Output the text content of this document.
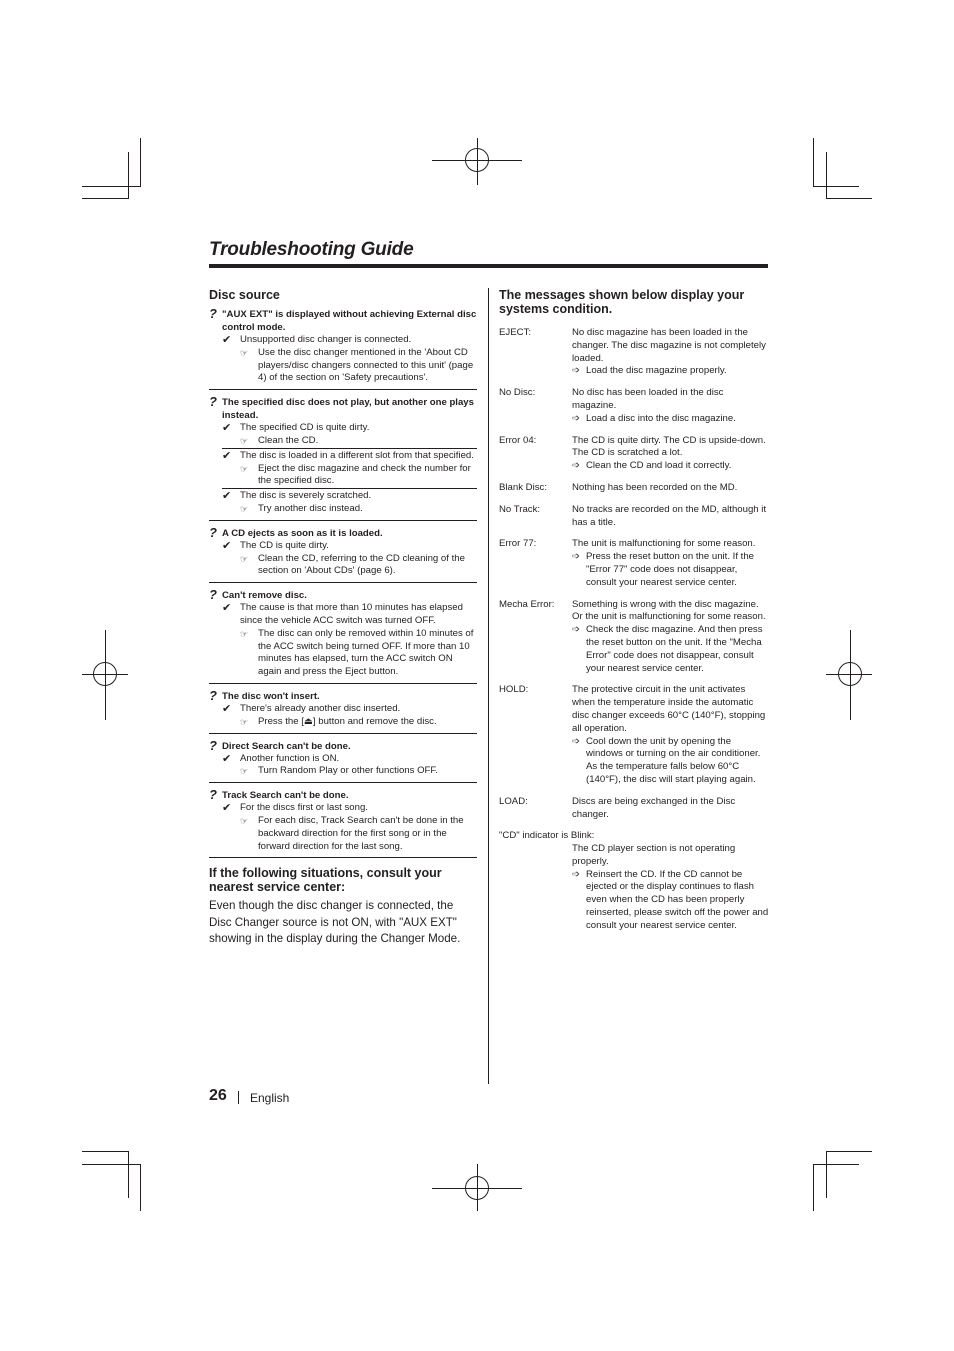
Troubleshooting Guide
Disc source
? "AUX EXT" is displayed without achieving External disc control mode.
✔ Unsupported disc changer is connected.
☞	Use the disc changer mentioned in the 'About CD players/disc changers connected to this unit' (page 4) of the section on 'Safety precautions'.
? The specified disc does not play, but another one plays instead.
✔ The specified CD is quite dirty.
☞	Clean the CD.
✔ The disc is loaded in a different slot from that specified.
☞	Eject the disc magazine and check the number for the specified disc.
✔ The disc is severely scratched.
☞	Try another disc instead.
? A CD ejects as soon as it is loaded.
✔ The CD is quite dirty.
☞	Clean the CD, referring to the CD cleaning of the section on 'About CDs' (page 6).
? Can't remove disc.
✔ The cause is that more than 10 minutes has elapsed since the vehicle ACC switch was turned OFF.
☞	The disc can only be removed within 10 minutes of the ACC switch being turned OFF. If more than 10 minutes has elapsed, turn the ACC switch ON again and press the Eject button.
? The disc won't insert.
✔ There's already another disc inserted.
☞	Press the [⏏] button and remove the disc.
? Direct Search can't be done.
✔ Another function is ON.
☞	Turn Random Play or other functions OFF.
? Track Search can't be done.
✔ For the discs first or last song.
☞	For each disc, Track Search can't be done in the backward direction for the first song or in the forward direction for the last song.
If the following situations, consult your nearest service center:
Even though the disc changer is connected, the Disc Changer source is not ON, with "AUX EXT" showing in the display during the Changer Mode.
The messages shown below display your systems condition.
EJECT:	No disc magazine has been loaded in the changer. The disc magazine is not completely loaded.
➩ Load the disc magazine properly.
No Disc:	No disc has been loaded in the disc magazine.
➩ Load a disc into the disc magazine.
Error 04:	The CD is quite dirty. The CD is upside-down. The CD is scratched a lot.
➩ Clean the CD and load it correctly.
Blank Disc:	Nothing has been recorded on the MD.
No Track:	No tracks are recorded on the MD, although it has a title.
Error 77:	The unit is malfunctioning for some reason.
➩ Press the reset button on the unit. If the "Error 77" code does not disappear, consult your nearest service center.
Mecha Error:	Something is wrong with the disc magazine. Or the unit is malfunctioning for some reason.
➩ Check the disc magazine. And then press the reset button on the unit. If the "Mecha Error" code does not disappear, consult your nearest service center.
HOLD:	The protective circuit in the unit activates when the temperature inside the automatic disc changer exceeds 60°C (140°F), stopping all operation.
➩ Cool down the unit by opening the windows or turning on the air conditioner. As the temperature falls below 60°C (140°F), the disc will start playing again.
LOAD:	Discs are being exchanged in the Disc changer.
"CD" indicator is Blink:
The CD player section is not operating properly.
➩ Reinsert the CD. If the CD cannot be ejected or the display continues to flash even when the CD has been properly reinserted, please switch off the power and consult your nearest service center.
26 English
